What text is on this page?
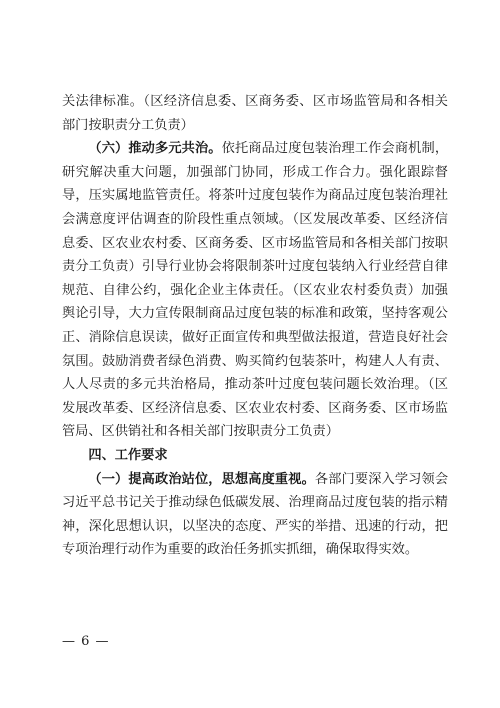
关法律标准。（区经济信息委、区商务委、区市场监管局和各相关部门按职责分工负责）

（六）推动多元共治。依托商品过度包装治理工作会商机制，研究解决重大问题，加强部门协同，形成工作合力。强化跟踪督导，压实属地监管责任。将茶叶过度包装作为商品过度包装治理社会满意度评估调查的阶段性重点领域。（区发展改革委、区经济信息委、区农业农村委、区商务委、区市场监管局和各相关部门按职责分工负责）引导行业协会将限制茶叶过度包装纳入行业经营自律规范、自律公约，强化企业主体责任。（区农业农村委负责）加强舆论引导，大力宣传限制商品过度包装的标准和政策，坚持客观公正、消除信息误读，做好正面宣传和典型做法报道，营造良好社会氛围。鼓励消费者绿色消费、购买简约包装茶叶，构建人人有责、人人尽责的多元共治格局，推动茶叶过度包装问题长效治理。（区发展改革委、区经济信息委、区农业农村委、区商务委、区市场监管局、区供销社和各相关部门按职责分工负责）

四、工作要求

（一）提高政治站位，思想高度重视。各部门要深入学习领会习近平总书记关于推动绿色低碳发展、治理商品过度包装的指示精神，深化思想认识，以坚决的态度、严实的举措、迅速的行动，把专项治理行动作为重要的政治任务抓实抓细，确保取得实效。

— 6 —
